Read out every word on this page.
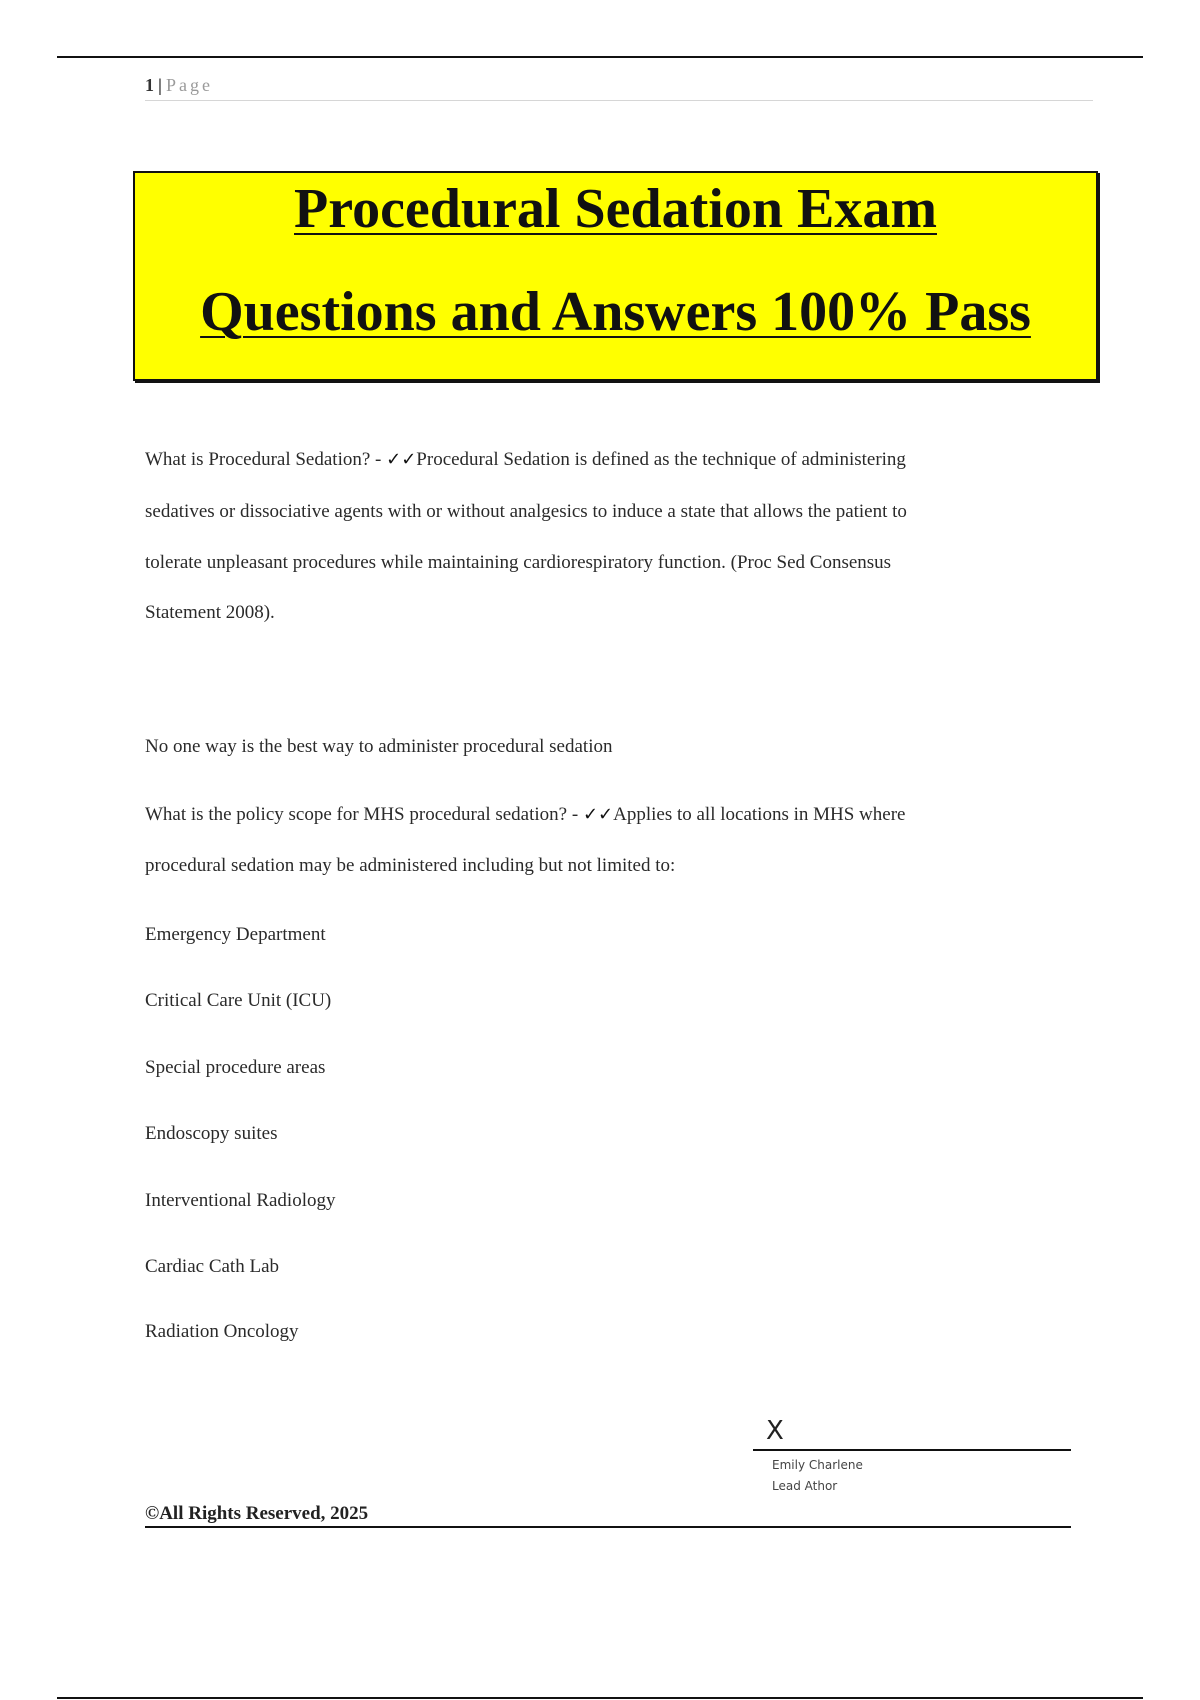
1 | Page
Procedural Sedation Exam
Questions and Answers 100% Pass
What is Procedural Sedation? - ✓✓Procedural Sedation is defined as the technique of administering
sedatives or dissociative agents with or without analgesics to induce a state that allows the patient to
tolerate unpleasant procedures while maintaining cardiorespiratory function. (Proc Sed Consensus
Statement 2008).
No one way is the best way to administer procedural sedation
What is the policy scope for MHS procedural sedation? - ✓✓Applies to all locations in MHS where
procedural sedation may be administered including but not limited to:
Emergency Department
Critical Care Unit (ICU)
Special procedure areas
Endoscopy suites
Interventional Radiology
Cardiac Cath Lab
Radiation Oncology
X
Emily Charlene
Lead Athor
©All Rights Reserved, 2025
